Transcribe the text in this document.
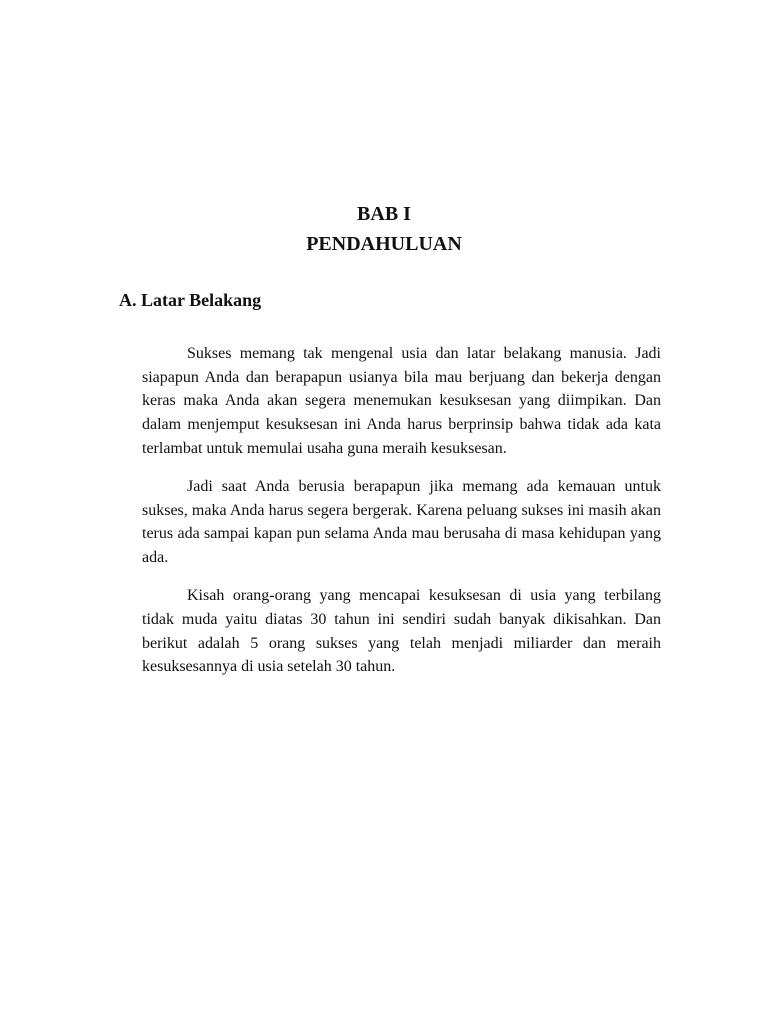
BAB I
PENDAHULUAN
A. Latar Belakang

Sukses memang tak mengenal usia dan latar belakang manusia. Jadi siapapun Anda dan berapapun usianya bila mau berjuang dan bekerja dengan keras maka Anda akan segera menemukan kesuksesan yang diimpikan. Dan dalam menjemput kesuksesan ini Anda harus berprinsip bahwa tidak ada kata terlambat untuk memulai usaha guna meraih kesuksesan.

Jadi saat Anda berusia berapapun jika memang ada kemauan untuk sukses, maka Anda harus segera bergerak. Karena peluang sukses ini masih akan terus ada sampai kapan pun selama Anda mau berusaha di masa kehidupan yang ada.

Kisah orang-orang yang mencapai kesuksesan di usia yang terbilang tidak muda yaitu diatas 30 tahun ini sendiri sudah banyak dikisahkan. Dan berikut adalah 5 orang sukses yang telah menjadi miliarder dan meraih kesuksesannya di usia setelah 30 tahun.
